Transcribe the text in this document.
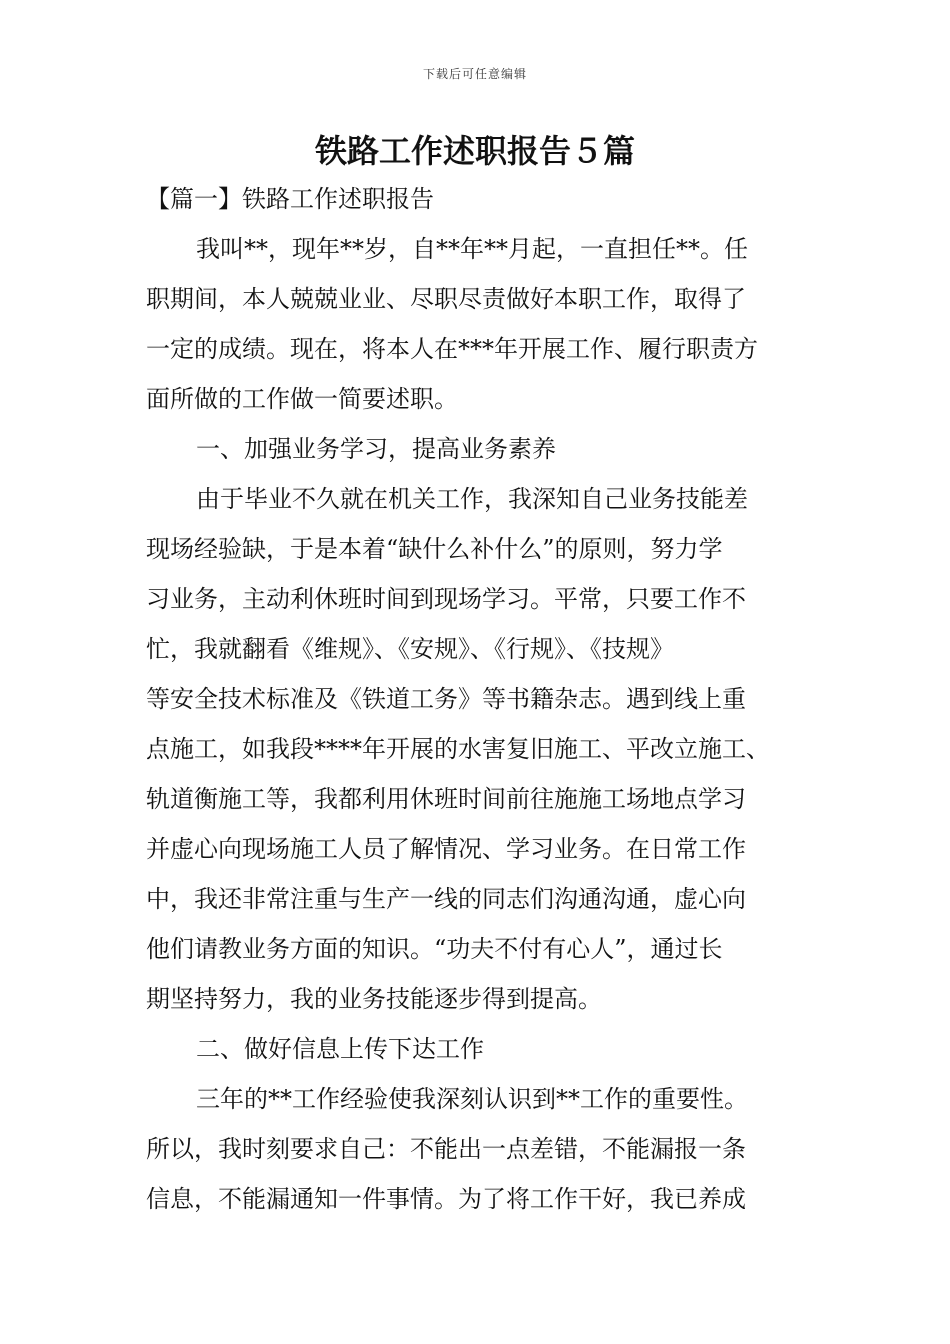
下载后可任意编辑
铁路工作述职报告５篇
【篇一】铁路工作述职报告
我叫**，现年**岁，自**年**月起，一直担任**。任
职期间，本人兢兢业业、尽职尽责做好本职工作，取得了
一定的成绩。现在，将本人在***年开展工作、履行职责方
面所做的工作做一简要述职。
一、加强业务学习，提高业务素养
由于毕业不久就在机关工作，我深知自己业务技能差
现场经验缺，于是本着“缺什么补什么”的原则，努力学
习业务，主动利休班时间到现场学习。平常，只要工作不
忙，我就翻看《维规》、《安规》、《行规》、《技规》
等安全技术标准及《铁道工务》等书籍杂志。遇到线上重
点施工，如我段****年开展的水害复旧施工、平改立施工、
轨道衡施工等，我都利用休班时间前往施施工场地点学习
并虚心向现场施工人员了解情况、学习业务。在日常工作
中，我还非常注重与生产一线的同志们沟通沟通，虚心向
他们请教业务方面的知识。“功夫不付有心人”，通过长
期坚持努力，我的业务技能逐步得到提高。
二、做好信息上传下达工作
三年的**工作经验使我深刻认识到**工作的重要性。
所以，我时刻要求自己：不能出一点差错，不能漏报一条
信息，不能漏通知一件事情。为了将工作干好，我已养成
